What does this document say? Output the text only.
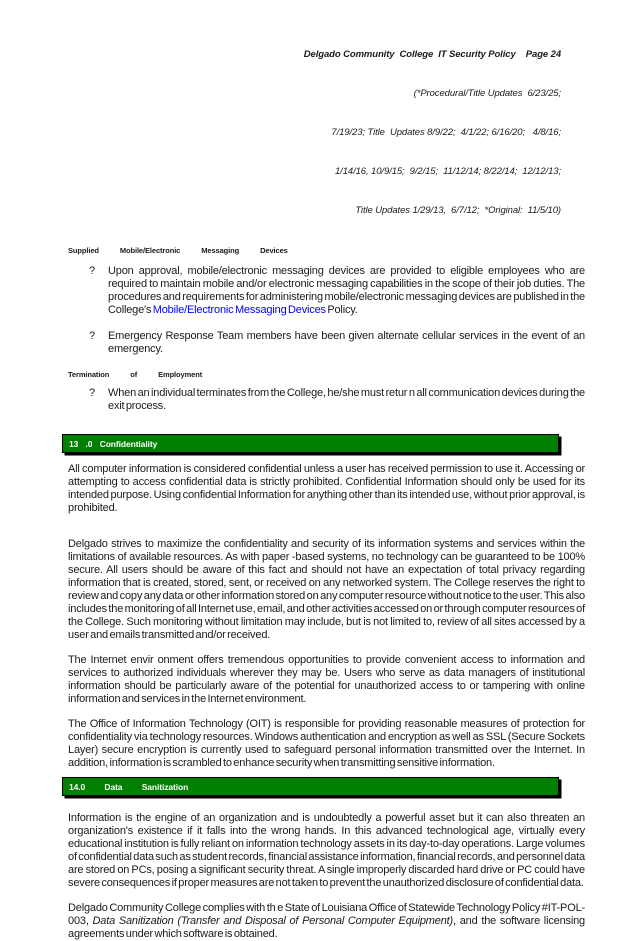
Delgado Community  College  IT Security Policy    Page 24

(*Procedural/Title Updates  6/23/25;

7/19/23; Title  Updates 8/9/22;  4/1/22; 6/16/20;   4/8/16;

1/14/16, 10/9/15;  9/2/15;  11/12/14; 8/22/14;  12/12/13;

Title Updates 1/29/13,  6/7/12;  *Original:  11/5/10)

Supplied Mobile/Electronic Messaging Devices
?	Upon approval, mobile/electronic messaging devices are provided to eligible employees who are required to maintain mobile and/or electronic messaging capabilities in the scope of their job duties. The procedures and requirements for administering mobile/electronic messaging devices are published in the College's Mobile/Electronic Messaging Devices Policy.
?	Emergency Response Team members have been given alternate cellular services in the event of an emergency.
Termination of Employment
?	When an individual terminates from the College, he/she must retur n all communication devices during the exit process.
13 .0 Confidentiality
All computer information is considered confidential unless a user has received permission to use it. Accessing or attempting to access confidential data is strictly prohibited. Confidential Information should only be used for its intended purpose. Using confidential Information for anything other than its intended use, without prior approval, is prohibited.
Delgado strives to maximize the confidentiality and security of its information systems and services within the limitations of available resources. As with paper -based systems, no technology can be guaranteed to be 100% secure. All users should be aware of this fact and should not have an expectation of total privacy regarding information that is created, stored, sent, or received on any networked system. The College reserves the right to review and copy any data or other information stored on any computer resource without notice to the user. This also includes the monitoring of all Internet use, email, and other activities accessed on or through computer resources of the College. Such monitoring without limitation may include, but is not limited to, review of all sites accessed by a user and emails transmitted and/or received.
The Internet envir onment offers tremendous opportunities to provide convenient access to information and services to authorized individuals wherever they may be. Users who serve as data managers of institutional information should be particularly aware of the potential for unauthorized access to or tampering with online information and services in the Internet environment.
The Office of Information Technology (OIT) is responsible for providing reasonable measures of protection for confidentiality via technology resources. Windows authentication and encryption as well as SSL (Secure Sockets Layer) secure encryption is currently used to safeguard personal information transmitted over the Internet. In addition, information is scrambled to enhance security when transmitting sensitive information.
14.0 Data Sanitization
Information is the engine of an organization and is undoubtedly a powerful asset but it can also threaten an organization's existence if it falls into the wrong hands. In this advanced technological age, virtually every educational institution is fully reliant on information technology assets in its day-to-day operations. Large volumes of confidential data such as student records, financial assistance information, financial records, and personnel data are stored on PCs, posing a significant security threat. A single improperly discarded hard drive or PC could have severe consequences if proper measures are not taken to prevent the unauthorized disclosure of confidential data.
Delgado Community College complies with th e State of Louisiana Office of Statewide Technology Policy #IT-POL-003, Data Sanitization (Transfer and Disposal of Personal Computer Equipment), and the software licensing agreements under which software is obtained.
